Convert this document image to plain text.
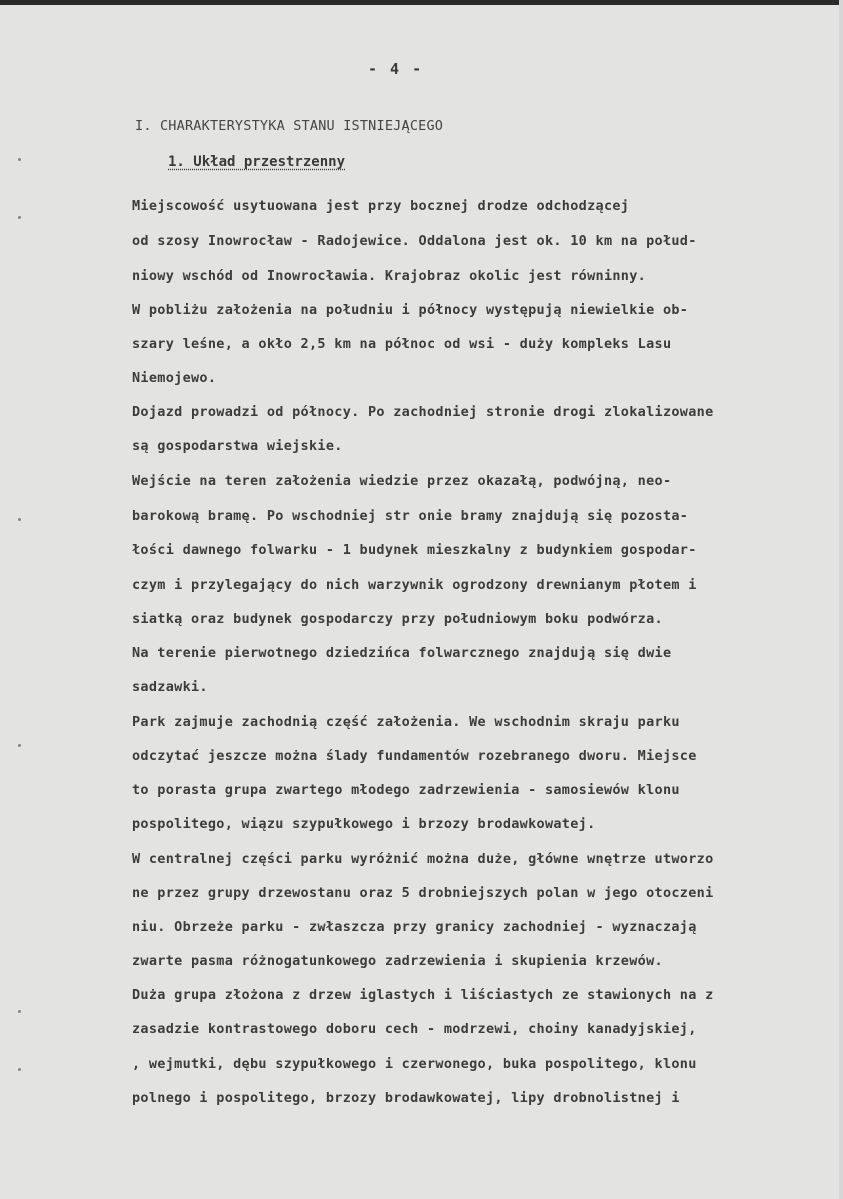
- 4 -
I. CHARAKTERYSTYKA STANU ISTNIEJĄCEGO
1. Układ przestrzenny
Miejscowość usytuowana jest przy bocznej drodze odchodzącej
od szosy Inowrocław - Radojewice. Oddalona jest ok. 10 km na połud-
niowy wschód od Inowrocławia. Krajobraz okolic jest równinny.
W pobliżu założenia na południu i północy występują niewielkie ob-
szary leśne, a okło 2,5 km na północ od wsi - duży kompleks Lasu
Niemojewo.
Dojazd prowadzi od północy. Po zachodniej stronie drogi zlokalizowane
są gospodarstwa wiejskie.
Wejście na teren założenia wiedzie przez okazałą, podwójną, neo-
barokową bramę. Po wschodniej str onie bramy znajdują się pozosta-
łości dawnego folwarku - 1 budynek mieszkalny z budynkiem gospodar-
czym i przylegający do nich warzywnik ogrodzony drewnianym płotem i
siatką oraz budynek gospodarczy przy południowym boku podwórza.
Na terenie pierwotnego dziedzińca folwarcznego znajdują się dwie
sadzawki.
Park zajmuje zachodnią część założenia. We wschodnim skraju parku
odczytać jeszcze można ślady fundamentów rozebranego dworu. Miejsce
to porasta grupa zwartego młodego zadrzewienia - samosiewów klonu
pospolitego, wiązu szypułkowego i brzozy brodawkowatej.
W centralnej części parku wyróżnić można duże, główne wnętrze utworzo
ne przez grupy drzewostanu oraz 5 drobniejszych polan w jego otoczeni
niu. Obrzeże parku - zwłaszcza przy granicy zachodniej - wyznaczają
zwarte pasma różnogatunkowego zadrzewienia i skupienia krzewów.
Duża grupa złożona z drzew iglastych i liściastych ze stawionych na z
zasadzie kontrastowego doboru cech - modrzewi, choiny kanadyjskiej,
, wejmutki, dębu szypułkowego i czerwonego, buka pospolitego, klonu
polnego i pospolitego, brzozy brodawkowatej, lipy drobnolistnej i
